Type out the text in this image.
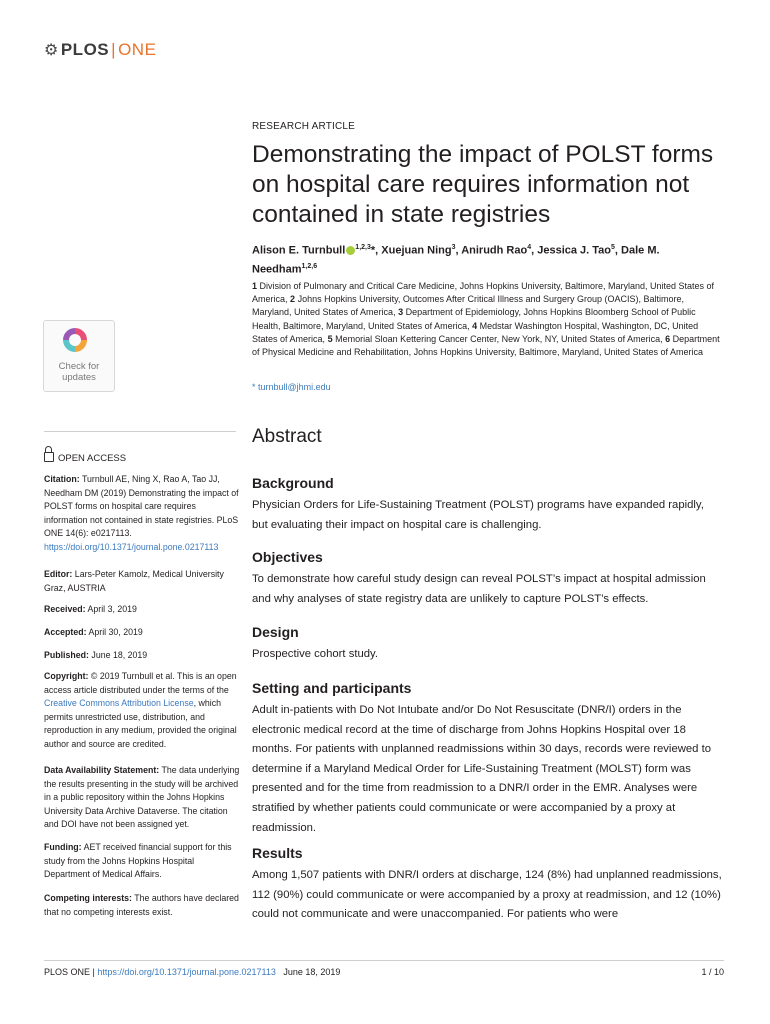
⚙ PLOS | ONE
RESEARCH ARTICLE
Demonstrating the impact of POLST forms on hospital care requires information not contained in state registries
Alison E. Turnbull $^{1,2,3}$*, Xuejuan Ning$^3$, Anirudh Rao$^4$, Jessica J. Tao$^5$, Dale M. Needham$^{1,2,6}$
1 Division of Pulmonary and Critical Care Medicine, Johns Hopkins University, Baltimore, Maryland, United States of America, 2 Johns Hopkins University, Outcomes After Critical Illness and Surgery Group (OACIS), Baltimore, Maryland, United States of America, 3 Department of Epidemiology, Johns Hopkins Bloomberg School of Public Health, Baltimore, Maryland, United States of America, 4 Medstar Washington Hospital, Washington, DC, United States of America, 5 Memorial Sloan Kettering Cancer Center, New York, NY, United States of America, 6 Department of Physical Medicine and Rehabilitation, Johns Hopkins University, Baltimore, Maryland, United States of America
* turnbull@jhmi.edu
Check for
updates
OPEN ACCESS
Citation: Turnbull AE, Ning X, Rao A, Tao JJ, Needham DM (2019) Demonstrating the impact of POLST forms on hospital care requires information not contained in state registries. PLoS ONE 14(6): e0217113. https://doi.org/10.1371/journal.pone.0217113
Editor: Lars-Peter Kamolz, Medical University Graz, AUSTRIA
Received: April 3, 2019
Accepted: April 30, 2019
Published: June 18, 2019
Copyright: © 2019 Turnbull et al. This is an open access article distributed under the terms of the Creative Commons Attribution License, which permits unrestricted use, distribution, and reproduction in any medium, provided the original author and source are credited.
Data Availability Statement: The data underlying the results presenting in the study will be archived in a public repository within the Johns Hopkins University Data Archive Dataverse. The citation and DOI have not been assigned yet.
Funding: AET received financial support for this study from the Johns Hopkins Hospital Department of Medical Affairs.
Competing interests: The authors have declared that no competing interests exist.
Abstract
Background
Physician Orders for Life-Sustaining Treatment (POLST) programs have expanded rapidly, but evaluating their impact on hospital care is challenging.
Objectives
To demonstrate how careful study design can reveal POLST’s impact at hospital admission and why analyses of state registry data are unlikely to capture POLST’s effects.
Design
Prospective cohort study.
Setting and participants
Adult in-patients with Do Not Intubate and/or Do Not Resuscitate (DNR/I) orders in the electronic medical record at the time of discharge from Johns Hopkins Hospital over 18 months. For patients with unplanned readmissions within 30 days, records were reviewed to determine if a Maryland Medical Order for Life-Sustaining Treatment (MOLST) form was presented and for the time from readmission to a DNR/I order in the EMR. Analyses were stratified by whether patients could communicate or were accompanied by a proxy at readmission.
Results
Among 1,507 patients with DNR/I orders at discharge, 124 (8%) had unplanned readmissions, 112 (90%) could communicate or were accompanied by a proxy at readmission, and 12 (10%) could not communicate and were unaccompanied. For patients who were
PLOS ONE | https://doi.org/10.1371/journal.pone.0217113 June 18, 2019	1 / 10
